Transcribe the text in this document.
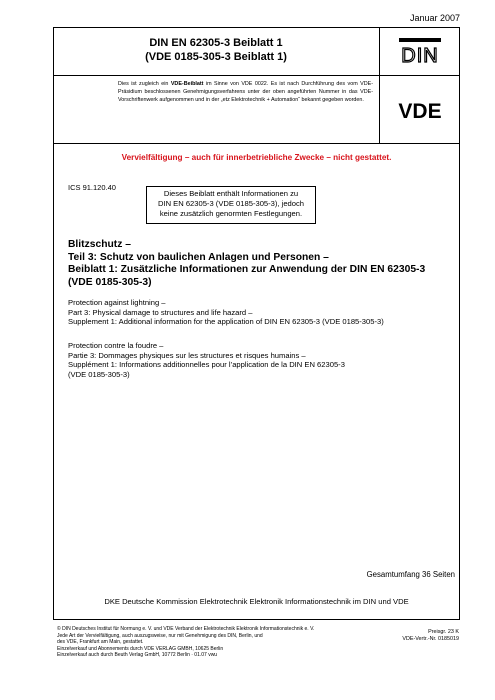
Januar 2007
DIN EN 62305-3 Beiblatt 1
(VDE 0185-305-3 Beiblatt 1)	DIN
Dies ist zugleich ein VDE-Beiblatt im Sinne von VDE 0022. Es ist nach Durchführung des vom VDE-Präsidium beschlossenen Genehmigungsverfahrens unter der oben angeführten Nummer in das VDE-Vorschriftenwerk aufgenommen und in der „etz Elektrotechnik + Automation“ bekannt gegeben worden.	VDE
Vervielfältigung – auch für innerbetriebliche Zwecke – nicht gestattet.
ICS 91.120.40
Dieses Beiblatt enthält Informationen zu
DIN EN 62305-3 (VDE 0185-305-3), jedoch
keine zusätzlich genormten Festlegungen.
Blitzschutz –
Teil 3: Schutz von baulichen Anlagen und Personen –
Beiblatt 1: Zusätzliche Informationen zur Anwendung der DIN EN 62305-3
(VDE 0185-305-3)
Protection against lightning –
Part 3: Physical damage to structures and life hazard –
Supplement 1: Additional information for the application of DIN EN 62305-3 (VDE 0185-305-3)
Protection contre la foudre –
Partie 3: Dommages physiques sur les structures et risques humains –
Supplément 1: Informations additionnelles pour l’application de la DIN EN 62305-3
(VDE 0185-305-3)
Gesamtumfang 36 Seiten
DKE Deutsche Kommission Elektrotechnik Elektronik Informationstechnik im DIN und VDE
© DIN Deutsches Institut für Normung e. V. und VDE Verband der Elektrotechnik Elektronik Informationstechnik e. V.
Jede Art der Vervielfältigung, auch auszugsweise, nur mit Genehmigung des DIN, Berlin, und
des VDE, Frankfurt am Main, gestattet.
Einzelverkauf und Abonnements durch VDE VERLAG GMBH, 10625 Berlin
Einzelverkauf auch durch Beuth Verlag GmbH, 10772 Berlin · 01.07 vwu
Preisgr. 23 K
VDE-Vertr.-Nr. 0185019
